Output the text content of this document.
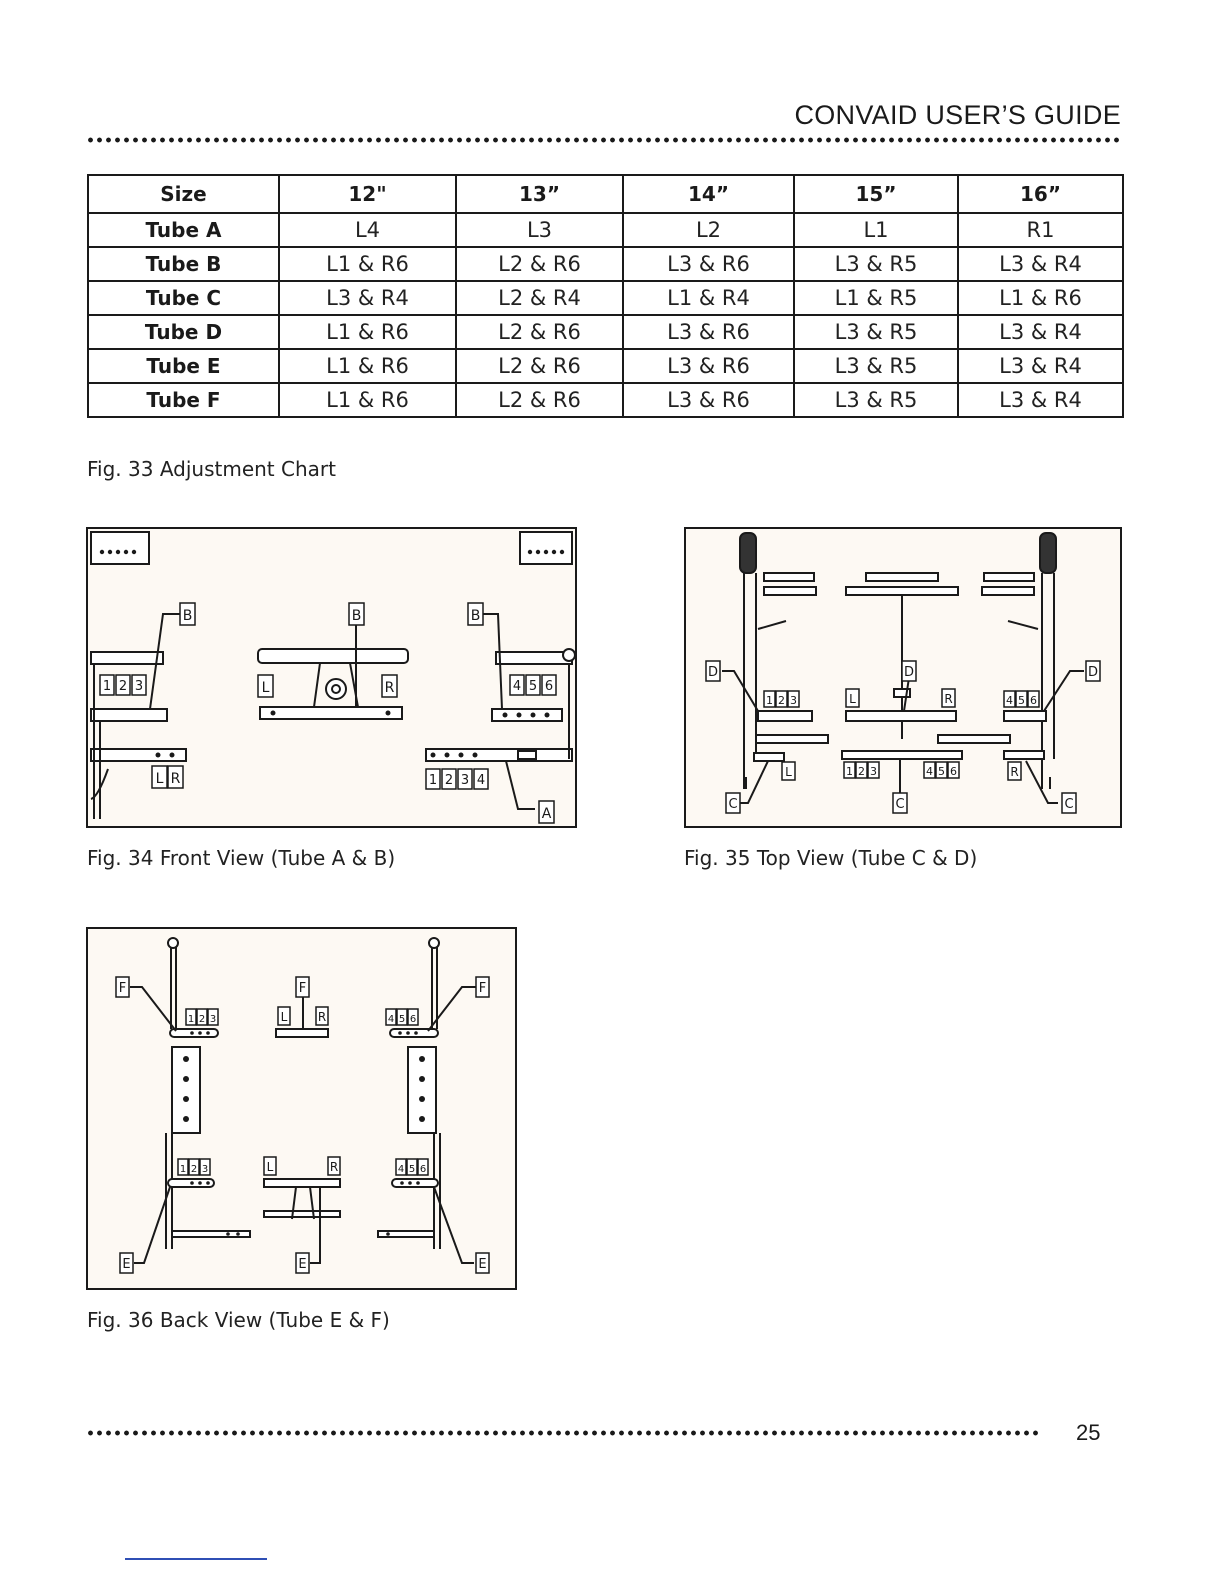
CONVAID USER’S GUIDE
Size	12"	13”	14”	15”	16”
Tube A	L4	L3	L2	L1	R1
Tube B	L1 & R6	L2 & R6	L3 & R6	L3 & R5	L3 & R4
Tube C	L3 & R4	L2 & R4	L1 & R4	L1 & R5	L1 & R6
Tube D	L1 & R6	L2 & R6	L3 & R6	L3 & R5	L3 & R4
Tube E	L1 & R6	L2 & R6	L3 & R6	L3 & R5	L3 & R4
Tube F	L1 & R6	L2 & R6	L3 & R6	L3 & R5	L3 & R4
Fig. 33 Adjustment Chart
B	B	B
A
L	R
L R
1 2 3	4 5 6
1 2 3 4
Fig. 34 Front View (Tube A & B)
D	D	D
C	C	C
L	R
L	R
1 2 3	4 5 6
1 2 3	4 5 6
Fig. 35 Top View (Tube C & D)
F	F	F
E	E	E
L	R
L	R
1 2 3	4 5 6
1 2 3	4 5 6
Fig. 36 Back View (Tube E & F)
25
